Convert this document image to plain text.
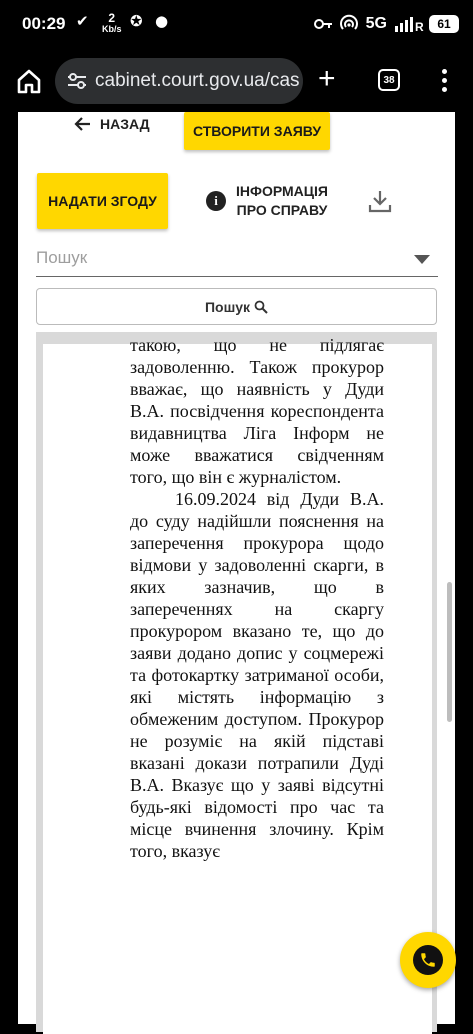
00:29 ✔	2
Kb/s ✪ ●	5G R 61
cabinet.court.gov.ua/cas +	38
НАЗАД	СТВОРИТИ ЗАЯВУ
НАДАТИ ЗГОДУ	i
ІНФОРМАЦІЯ
ПРО СПРАВУ
Пошук
Пошук

такою, що не підлягає задоволенню. Також прокурор вважає, що наявність у Дуди В.А. посвідчення кореспондента видавництва Ліга Інформ не може вважатися свідченням того, що він є журналістом.

16.09.2024 від Дуди В.А. до суду надійшли пояснення на заперечення прокурора щодо відмови у задоволенні скарги, в яких зазначив, що в запереченнях на скаргу прокурором вказано те, що до заяви додано допис у соцмережі та фотокартку затриманої особи, які містять інформацію з обмеженим доступом. Прокурор не розуміє на якій підставі вказані докази потрапили Дуді В.А. Вказує що у заяві відсутні будь-які відомості про час та місце вчинення злочину. Крім того, вказує
